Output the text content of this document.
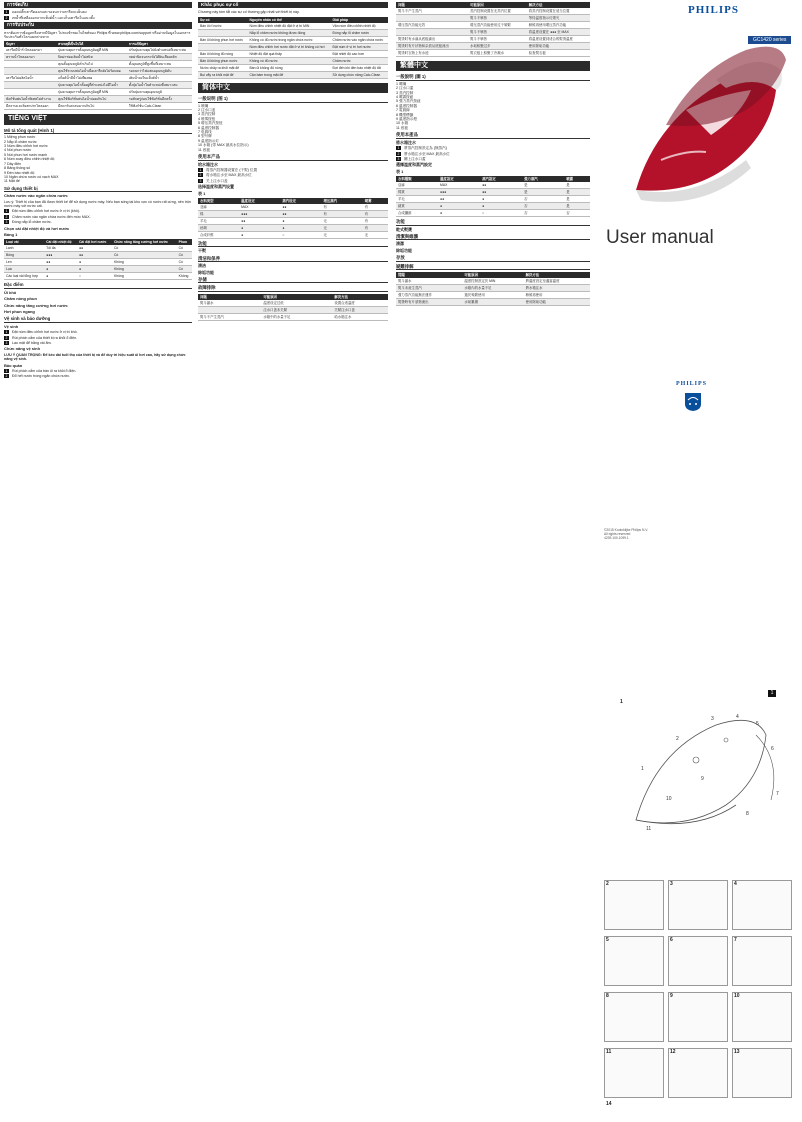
การจัดเก็บ
1	ถอดปลั๊กเตารีดออกและรอจนกว่าเตารีดจะเย็นลง
2	เทน้ำที่เหลือออกจากแท็งค์น้ำ และเก็บเตารีดในแนวตั้ง
การรับประกัน
หากต้องการข้อมูลหรือหากมีปัญหา โปรดเข้าชมเว็บไซต์ของ Philips ที่ www.philips.com/support หรืออ่านข้อมูลในเอกสารรับประกันทั่วโลกแยกต่างหาก
ปัญหา	สาเหตุที่เป็นไปได้	การแก้ปัญหา
เตารีดมีน้ำรั่วไหลออกมา	ปุ่มควบคุมการตั้งอุณหภูมิอยู่ที่ MIN	ปรับปุ่มควบคุมไปยังตำแหน่งที่เหมาะสม
คราบน้ำไหลออกมา	ปิดฝาช่องเติมน้ำไม่สนิท	กดฝาปิดจนกระทั่งได้ยินเสียงคลิก
	คุณตั้งอุณหภูมิต่ำเกินไป	ตั้งอุณหภูมิที่สูงขึ้นที่เหมาะสม
	คุณใช้ระบบพ่นไอน้ำเมื่อเตารีดยังไม่ร้อนพอ	รอจนกว่าไฟแสดงอุณหภูมิดับ
เตารีดไม่ผลิตไอน้ำ	แท็งค์น้ำมีน้ำไม่เพียงพอ	เติมน้ำลงในแท็งค์น้ำ
	ปุ่มควบคุมไอน้ำตั้งอยู่ที่ตำแหน่งไม่มีไอน้ำ	ตั้งปุ่มไอน้ำในตำแหน่งที่เหมาะสม
	ปุ่มควบคุมการตั้งอุณหภูมิอยู่ที่ MIN	ปรับปุ่มควบคุมอุณหภูมิ
ฟังก์ชั่นพ่นไอน้ำพิเศษไม่ทำงาน	คุณใช้ฟังก์ชั่นพ่นไอน้ำบ่อยเกินไป	รอสักครู่ก่อนใช้ฟังก์ชั่นอีกครั้ง
มีคราบและสิ่งสกปรกไหลออก	มีตะกรันสะสมมากเกินไป	ใช้ฟังก์ชั่น Calc-Clean
TIẾNG VIỆT
Mô tả tổng quát (Hình 1)
1 Miệng phun nước
2 Nắp lỗ châm nước
3 Núm điều chỉnh hơi nước
4 Nút phun nước
5 Nút phun hơi nước mạnh
6 Núm xoay điều chỉnh nhiệt độ
7 Dây điện
8 Bảng thông số
9 Đèn báo nhiệt độ
10 Ngăn chứa nước có vạch MAX
11 Mặt đế
Sử dụng thiết bị
Chăm nước vào ngăn chứa nước
Lưu ý: Thiết bị của bạn đã được thiết kế để sử dụng nước máy. Nếu bạn sống tại khu vực có nước rất cứng, nên trộn nước máy với nước cất.
1	Đặt núm điều chỉnh hơi nước ở vị trí (khô).
2	Châm nước vào ngăn chứa nước đến mức MAX.
3	Đóng nắp lỗ châm nước.
Chọn cài đặt nhiệt độ và hơi nước
Bảng 1
Loại vải	Cài đặt nhiệt độ	Cài đặt hơi nước	Chức năng tăng cường hơi nước	Phun
Lanh	Tối đa	●●	Có	Có
Bông	●●●	●●	Có	Có
Len	●●	●	Không	Có
Lụa	●	●	Không	Có
Các loại vải tổng hợp	●	○	Không	Không
Đặc điểm
Ủi khô
Chăm nồng phun
Chức năng tăng cường hơi nước
Hơi phun ngang
Vệ sinh và bảo dưỡng
Vệ sinh
1	Đặt núm điều chỉnh hơi nước ở vị trí khô.
2	Rút phích cắm của thiết bị ra khỏi ổ điện.
3	Lau mặt để bằng vải ẩm.
Chức năng vệ sinh
LƯU Ý QUAN TRỌNG: Để kéo dài tuổi thọ của thiết bị và để duy trì hiệu suất ủi hơi cao, hãy sử dụng chức năng vệ sinh.
Bảo quản
1	Rút phích cắm của bàn ủi ra khỏi ổ điện.
2	Đổ hết nước trong ngăn chứa nước.
Khắc phục sự cố
Chương này tóm tắt các sự cố thường gặp nhất với thiết bị này.
Sự cố	Nguyên nhân có thể	Giải pháp
Bàn ủi rỉ nước	Núm điều chỉnh nhiệt độ đặt ở vị trí MIN	Vặn núm điều chỉnh nhiệt độ
	Nắp lỗ châm nước không được đóng	Đóng nắp lỗ châm nước
Bàn ủi không phun hơi nước	Không có đủ nước trong ngăn chứa nước	Châm nước vào ngăn chứa nước
	Núm điều chỉnh hơi nước đặt ở vị trí không có hơi	Đặt núm ở vị trí hơi nước
Bàn ủi không đủ nóng	Nhiệt độ đặt quá thấp	Đặt nhiệt độ cao hơn
Bàn ủi không phun nước	Không có đủ nước	Châm nước
Nước chảy ra khỏi mặt đế	Bàn ủi không đủ nóng	Đợi đến khi đèn báo nhiệt độ tắt
Bụi vẩy ra khỏi mặt đế	Cặn bám trong mặt đế	Sử dụng chức năng Calc-Clean
简体中文
一般说明 (图 1)
1 喷嘴
2 注水口盖
3 蒸汽控制
4 喷雾按钮
5 增压蒸汽按钮
6 温度控制器
7 电源线
8 型号牌
9 温度指示灯
10 水箱 (带 MAX 最高水位指示)
11 底板
使用本产品
给水箱注水
1	将蒸汽控制器设置在 (干熨) 位置
2	将水箱注水至 MAX 最高水位
3	关上注水口盖
选择温度和蒸汽设置
表 1
衣料类型	温度设定	蒸汽设定	增压蒸汽	喷雾
亚麻	MAX	●●	有	有
棉	●●●	●●	有	有
羊毛	●●	●	无	有
丝绸	●	●	无	有
合成纤维	●	○	无	无
功能
干熨
清洁和保养
清洁
除垢功能
存储
故障排除
问题	可能原因	解决方法
熨斗漏水	温度设定过低	设置合适温度
	注水口盖未关紧	关紧注水口盖
熨斗不产生蒸汽	水箱中的水量不足	给水箱注水
问题	可能原因	解决方法
熨斗不产生蒸汽	蒸汽控制设置在无蒸汽位置	将蒸汽控制设置在适当位置
	熨斗不够热	等待温度指示灯熄灭
增压蒸汽功能无效	增压蒸汽功能使用过于频繁	稍候再使用增压蒸汽功能
	熨斗不够热	将温度设置在 ●●● 至 MAX
熨烫时有水滴从底板滴出	熨斗不够热	将温度设置到适合的熨烫温度
熨烫时有片状物和杂质从底板流出	水垢积聚过多	使用除垢功能
熨烫时衣物上有水迹	熨衣板上积聚了冷凝水	检查熨衣板
繁體中文
一般說明 (圖 1)
1 噴嘴
2 注水口蓋
3 蒸汽控制
4 噴霧按鈕
5 強力蒸汽按鈕
6 溫度控制器
7 電源線
8 機型標籤
9 溫度指示燈
10 水箱
11 底板
使用本產品
將水箱注水
1	將蒸汽控制設定為 (無蒸汽)
2	將水箱注水至 MAX 最高水位
3	關上注水口蓋
選擇溫度和蒸汽設定
表 1
衣料種類	溫度設定	蒸汽設定	強力蒸汽	噴霧
亞麻	MAX	●●	是	是
棉質	●●●	●●	是	是
羊毛	●●	●	否	是
絲質	●	●	否	是
合成纖維	●	○	否	否
功能
乾式熨燙
清潔與維護
清潔
除垢功能
存放
疑難排解
問題	可能原因	解決方法
熨斗漏水	溫度控制設定於 MIN	將溫度設定至適當溫度
熨斗未產生蒸汽	水箱內的水量不足	將水箱注水
強力蒸汽功能無法運作	過於頻繁使用	稍候再使用
熨燙時有片狀物流出	水垢累積	使用除垢功能
PHILIPS
GC1420 series
User manual
PHILIPS
©2015 Koninklijke Philips N.V.
All rights reserved
4239.100.1099.1
1
1
2
3	4
5
6
7
8
9
10
11
2	3	4
5	6	7
8	9	10
11	12	13
14
1
